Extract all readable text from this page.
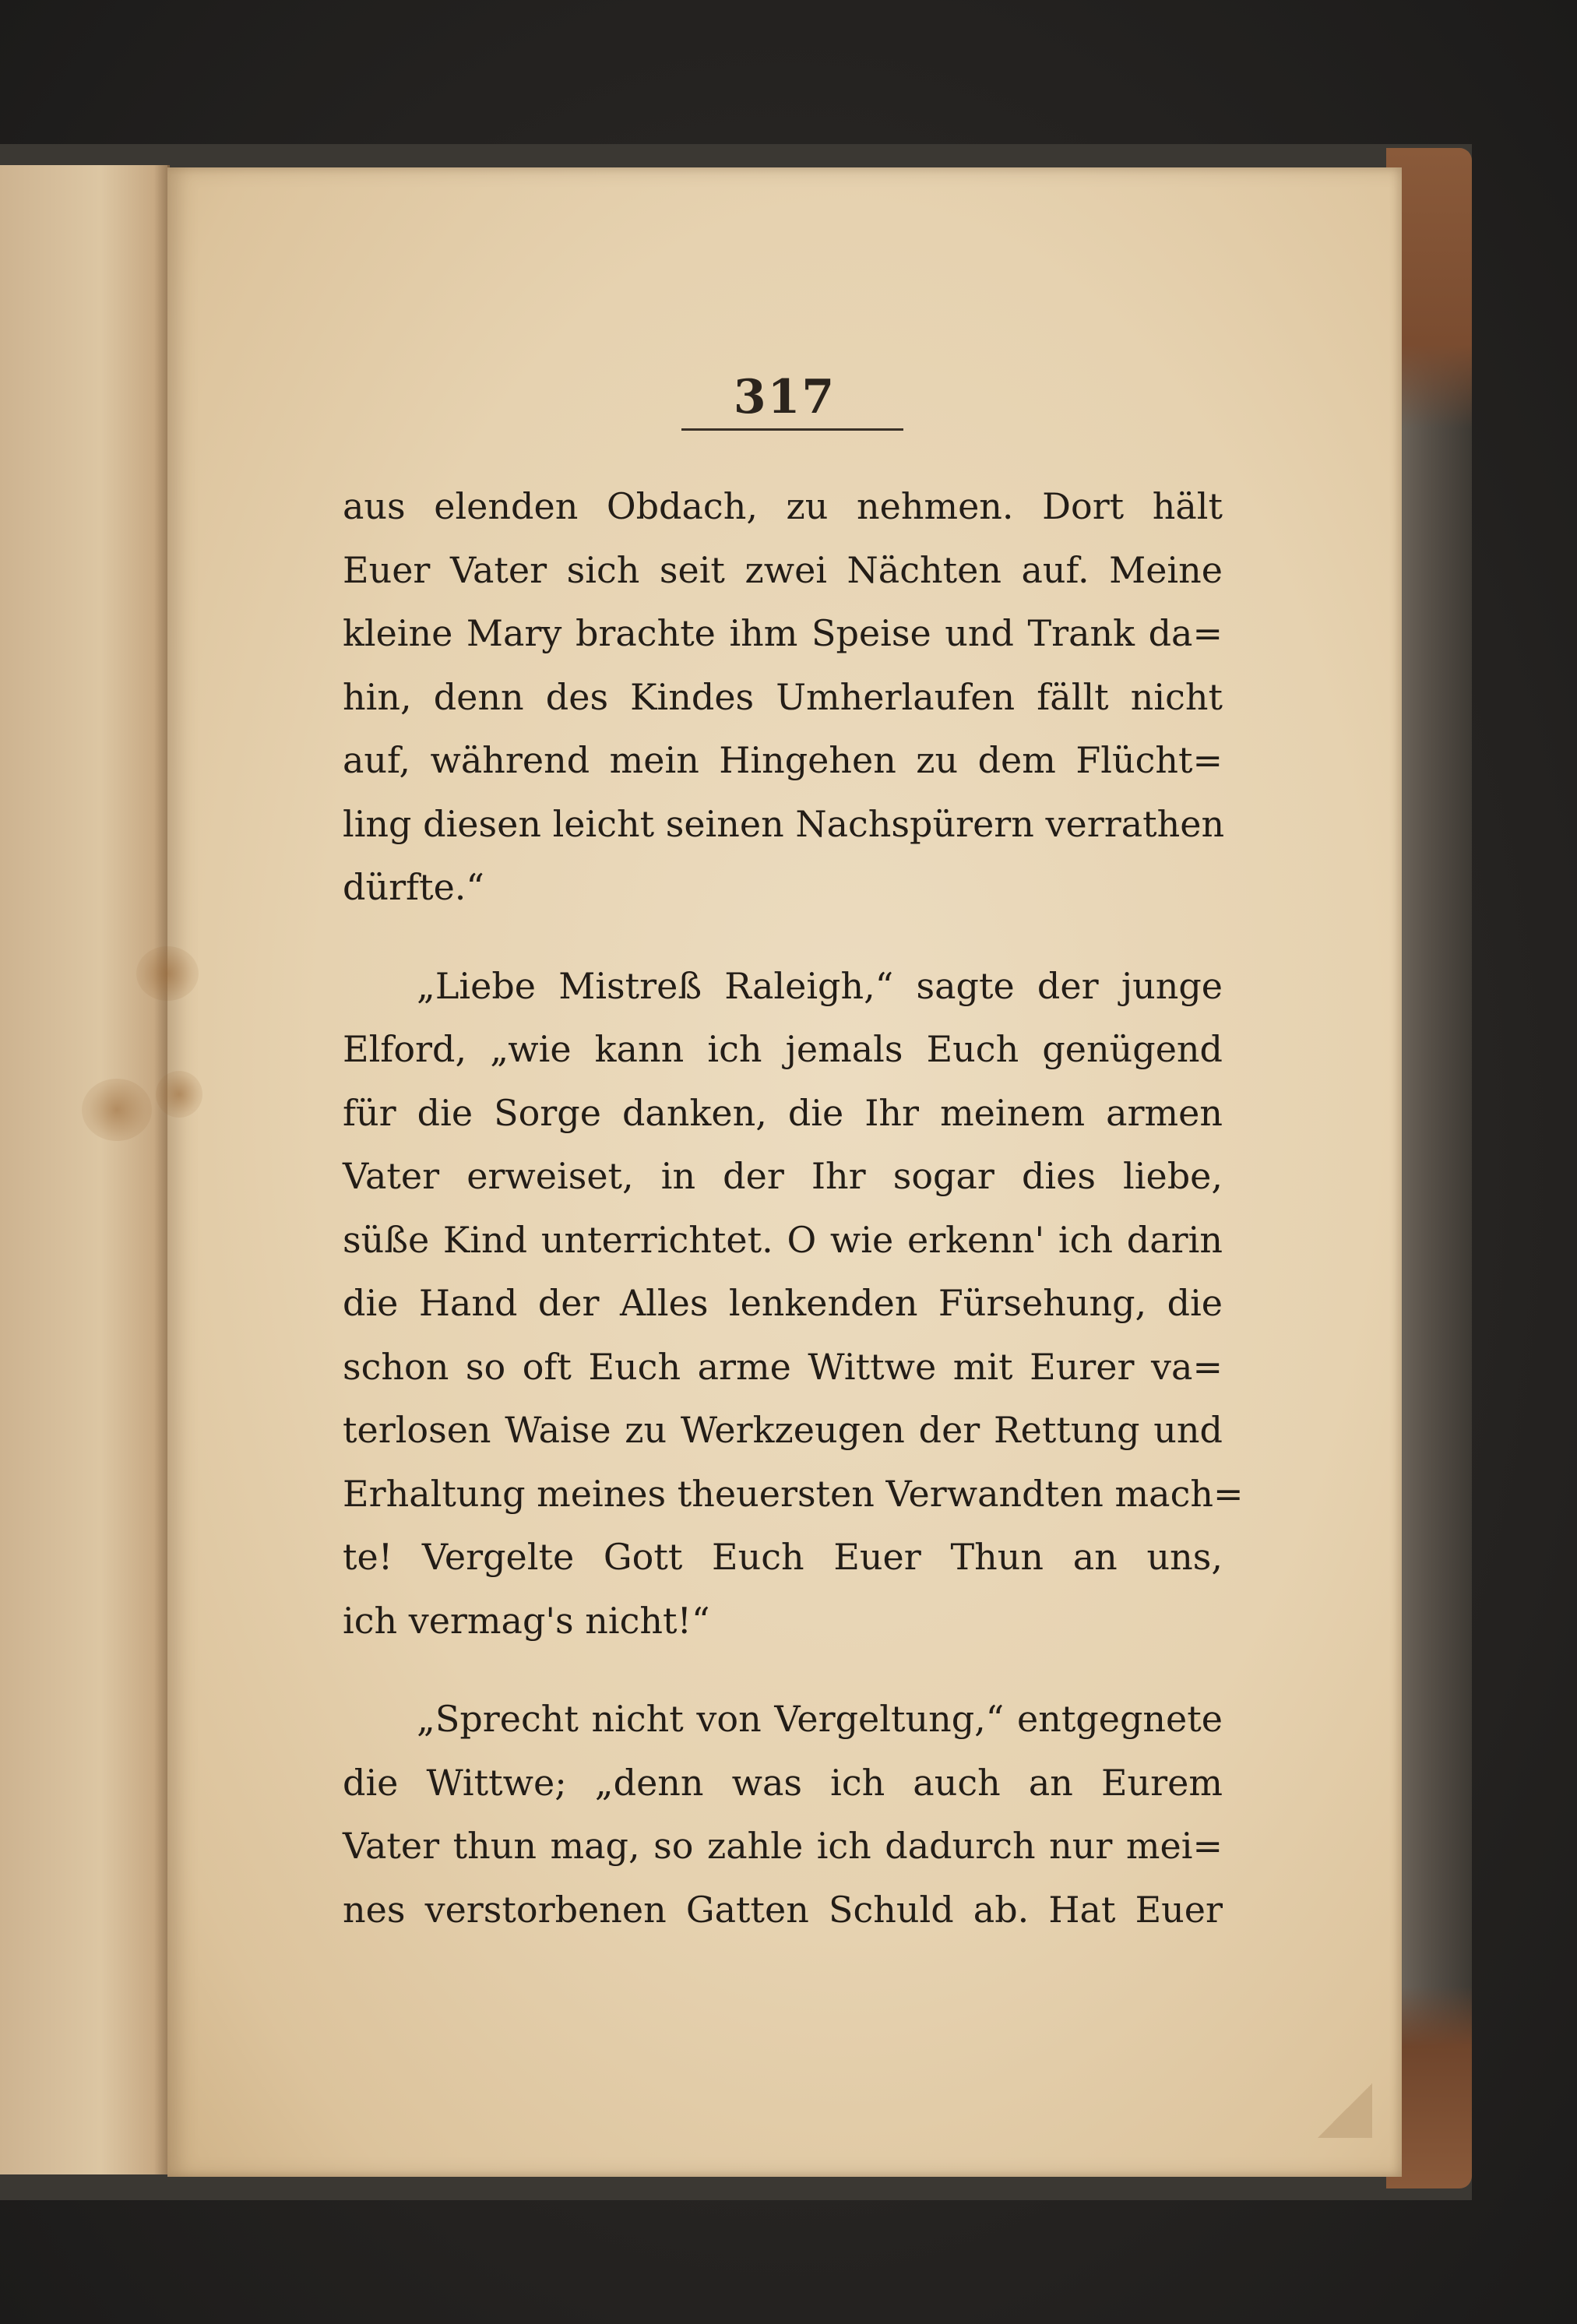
317
aus elenden Obdach, zu nehmen. Dort hält
Euer Vater sich seit zwei Nächten auf. Meine
kleine Mary brachte ihm Speise und Trank da=
hin, denn des Kindes Umherlaufen fällt nicht
auf, während mein Hingehen zu dem Flücht=
ling diesen leicht seinen Nachspürern verrathen
dürfte.“
„Liebe Mistreß Raleigh,“ sagte der junge
Elford, „wie kann ich jemals Euch genügend
für die Sorge danken, die Ihr meinem armen
Vater erweiset, in der Ihr sogar dies liebe,
süße Kind unterrichtet. O wie erkenn' ich darin
die Hand der Alles lenkenden Fürsehung, die
schon so oft Euch arme Wittwe mit Eurer va=
terlosen Waise zu Werkzeugen der Rettung und
Erhaltung meines theuersten Verwandten mach=
te! Vergelte Gott Euch Euer Thun an uns,
ich vermag's nicht!“
„Sprecht nicht von Vergeltung,“ entgegnete
die Wittwe; „denn was ich auch an Eurem
Vater thun mag, so zahle ich dadurch nur mei=
nes verstorbenen Gatten Schuld ab. Hat Euer
